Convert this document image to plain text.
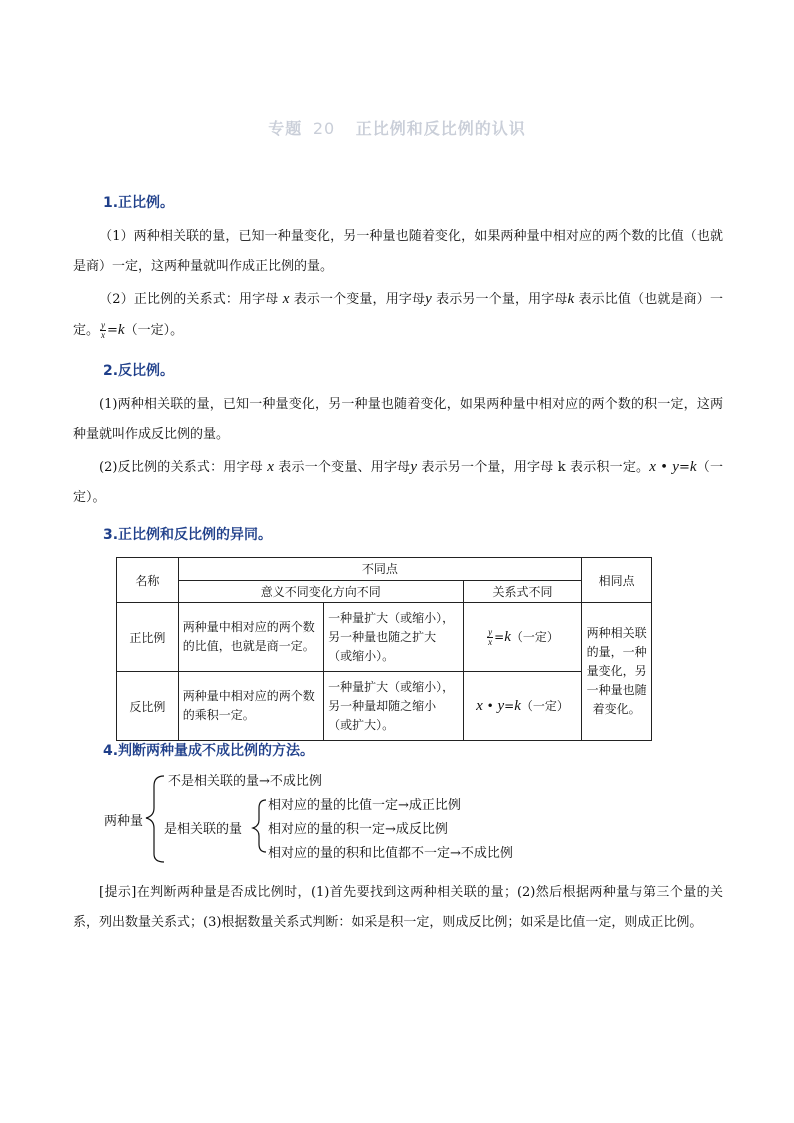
专题 20 正比例和反比例的认识
1.正比例。
（1）两种相关联的量，已知一种量变化，另一种量也随着变化，如果两种量中相对应的两个数的比值（也就是商）一定，这两种量就叫作成正比例的量。
（2）正比例的关系式：用字母 x 表示一个变量，用字母y 表示另一个量，用字母k 表示比值（也就是商）一定。 $\frac{y}{x} =k$（一定）。
2.反比例。
(1)两种相关联的量，已知一种量变化，另一种量也随着变化，如果两种量中相对应的两个数的积一定，这两种量就叫作成反比例的量。
(2)反比例的关系式：用字母 x 表示一个变量、用字母y 表示另一个量，用字母 k 表示积一定。x • y=k（一定）。
3.正比例和反比例的异同。
名称	不同点			相同点
	意义不同变化方向不同		关系式不同	
正比例	两种量中相对应的两个数的比值，也就是商一定。	一种量扩大（或缩小），另一种量也随之扩大（或缩小）。	$\frac{y}{x} =k$（一定）	两种相关联的量，一种量变化，另一种量也随着变化。
反比例	两种量中相对应的两个数的乘积一定。	一种量扩大（或缩小），另一种量却随之缩小（或扩大）。	x • y=k（一定）	
4.判断两种量成不成比例的方法。
两种量
不是相关联的量→不成比例
是相关联的量
相对应的量的比值一定→成正比例
相对应的量的积一定→成反比例
相对应的量的积和比值都不一定→不成比例
[提示]在判断两种量是否成比例时，(1)首先要找到这两种相关联的量；(2)然后根据两种量与第三个量的关系，列出数量关系式；(3)根据数量关系式判断：如采是积一定，则成反比例；如采是比值一定，则成正比例。
